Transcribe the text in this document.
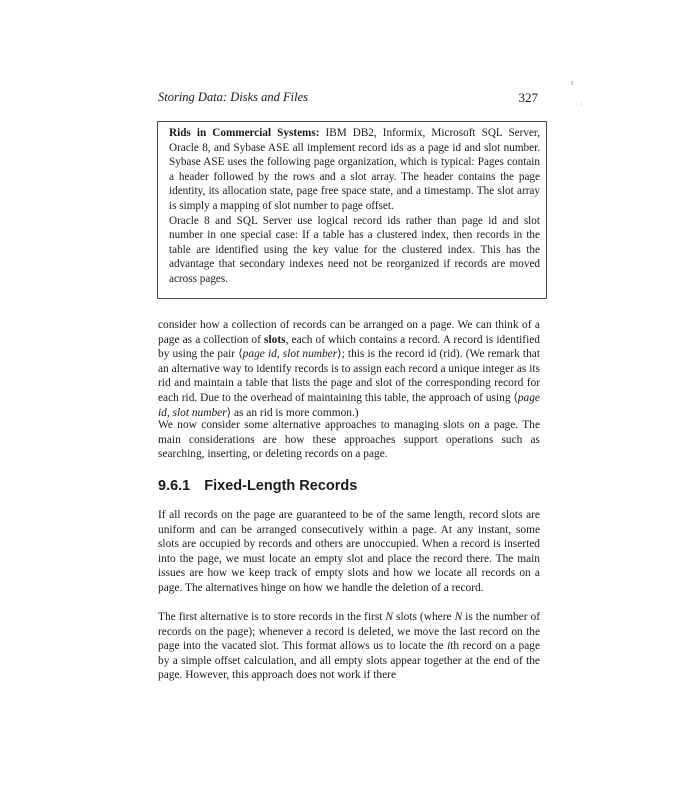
Storing Data: Disks and Files	327
ı
·

Rids in Commercial Systems: IBM DB2, Informix, Microsoft SQL Server, Oracle 8, and Sybase ASE all implement record ids as a page id and slot number. Sybase ASE uses the following page organization, which is typical: Pages contain a header followed by the rows and a slot array. The header contains the page identity, its allocation state, page free space state, and a timestamp. The slot array is simply a mapping of slot number to page offset.

Oracle 8 and SQL Server use logical record ids rather than page id and slot number in one special case: If a table has a clustered index, then records in the table are identified using the key value for the clustered index. This has the advantage that secondary indexes need not be reorganized if records are moved across pages.

consider how a collection of records can be arranged on a page. We can think of a page as a collection of slots, each of which contains a record. A record is identified by using the pair ⟨page id, slot number⟩; this is the record id (rid). (We remark that an alternative way to identify records is to assign each record a unique integer as its rid and maintain a table that lists the page and slot of the corresponding record for each rid. Due to the overhead of maintaining this table, the approach of using ⟨page id, slot number⟩ as an rid is more common.)

We now consider some alternative approaches to managing slots on a page. The main considerations are how these approaches support operations such as searching, inserting, or deleting records on a page.

9.6.1 Fixed-Length Records

If all records on the page are guaranteed to be of the same length, record slots are uniform and can be arranged consecutively within a page. At any instant, some slots are occupied by records and others are unoccupied. When a record is inserted into the page, we must locate an empty slot and place the record there. The main issues are how we keep track of empty slots and how we locate all records on a page. The alternatives hinge on how we handle the deletion of a record.

The first alternative is to store records in the first N slots (where N is the number of records on the page); whenever a record is deleted, we move the last record on the page into the vacated slot. This format allows us to locate the ith record on a page by a simple offset calculation, and all empty slots appear together at the end of the page. However, this approach does not work if there
